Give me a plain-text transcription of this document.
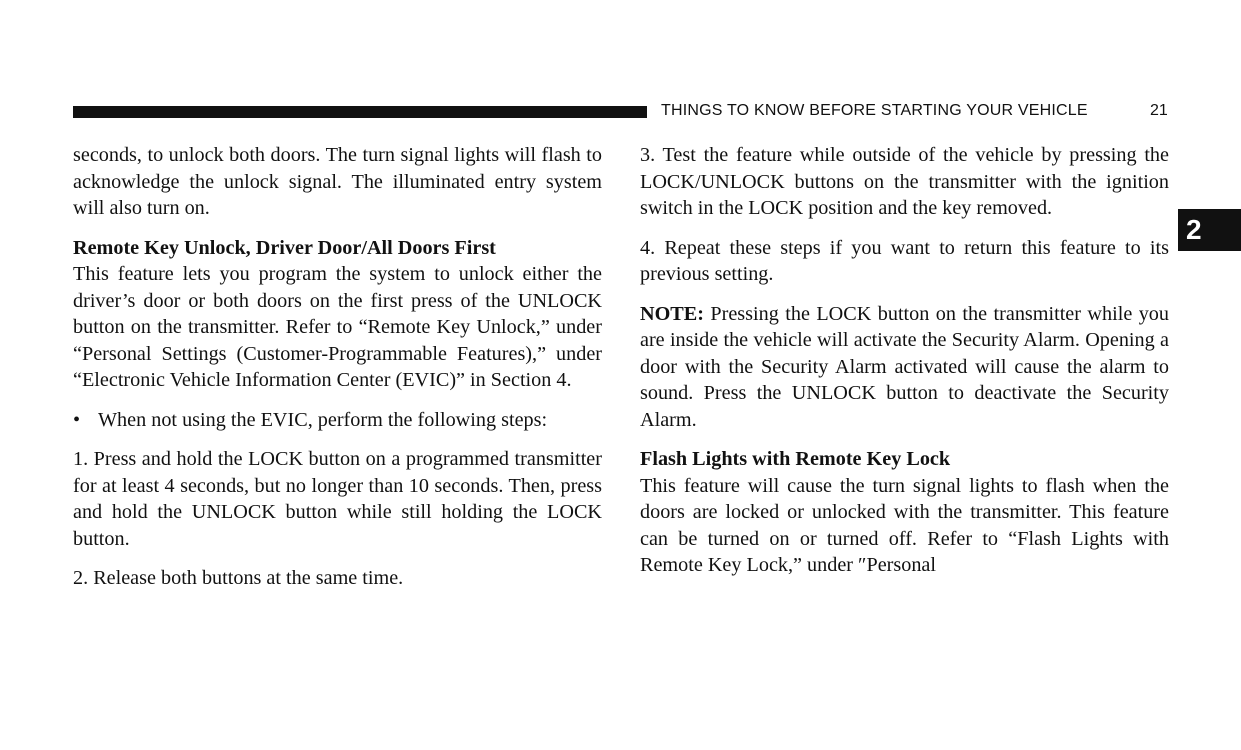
THINGS TO KNOW BEFORE STARTING YOUR VEHICLE	21
2

seconds, to unlock both doors. The turn signal lights will flash to acknowledge the unlock signal. The illuminated entry system will also turn on.

Remote Key Unlock, Driver Door/All Doors First

This feature lets you program the system to unlock either the driver’s door or both doors on the first press of the UNLOCK button on the transmitter. Refer to “Remote Key Unlock,” under “Personal Settings (Customer-Programmable Features),” under “Electronic Vehicle Information Center (EVIC)” in Section 4.

• When not using the EVIC, perform the following steps:

1. Press and hold the LOCK button on a programmed transmitter for at least 4 seconds, but no longer than 10 seconds. Then, press and hold the UNLOCK button while still holding the LOCK button.

2. Release both buttons at the same time.

3. Test the feature while outside of the vehicle by pressing the LOCK/UNLOCK buttons on the transmitter with the ignition switch in the LOCK position and the key removed.

4. Repeat these steps if you want to return this feature to its previous setting.

NOTE: Pressing the LOCK button on the transmitter while you are inside the vehicle will activate the Security Alarm. Opening a door with the Security Alarm activated will cause the alarm to sound. Press the UNLOCK button to deactivate the Security Alarm.

Flash Lights with Remote Key Lock

This feature will cause the turn signal lights to flash when the doors are locked or unlocked with the transmitter. This feature can be turned on or turned off. Refer to “Flash Lights with Remote Key Lock,” under ″Personal
